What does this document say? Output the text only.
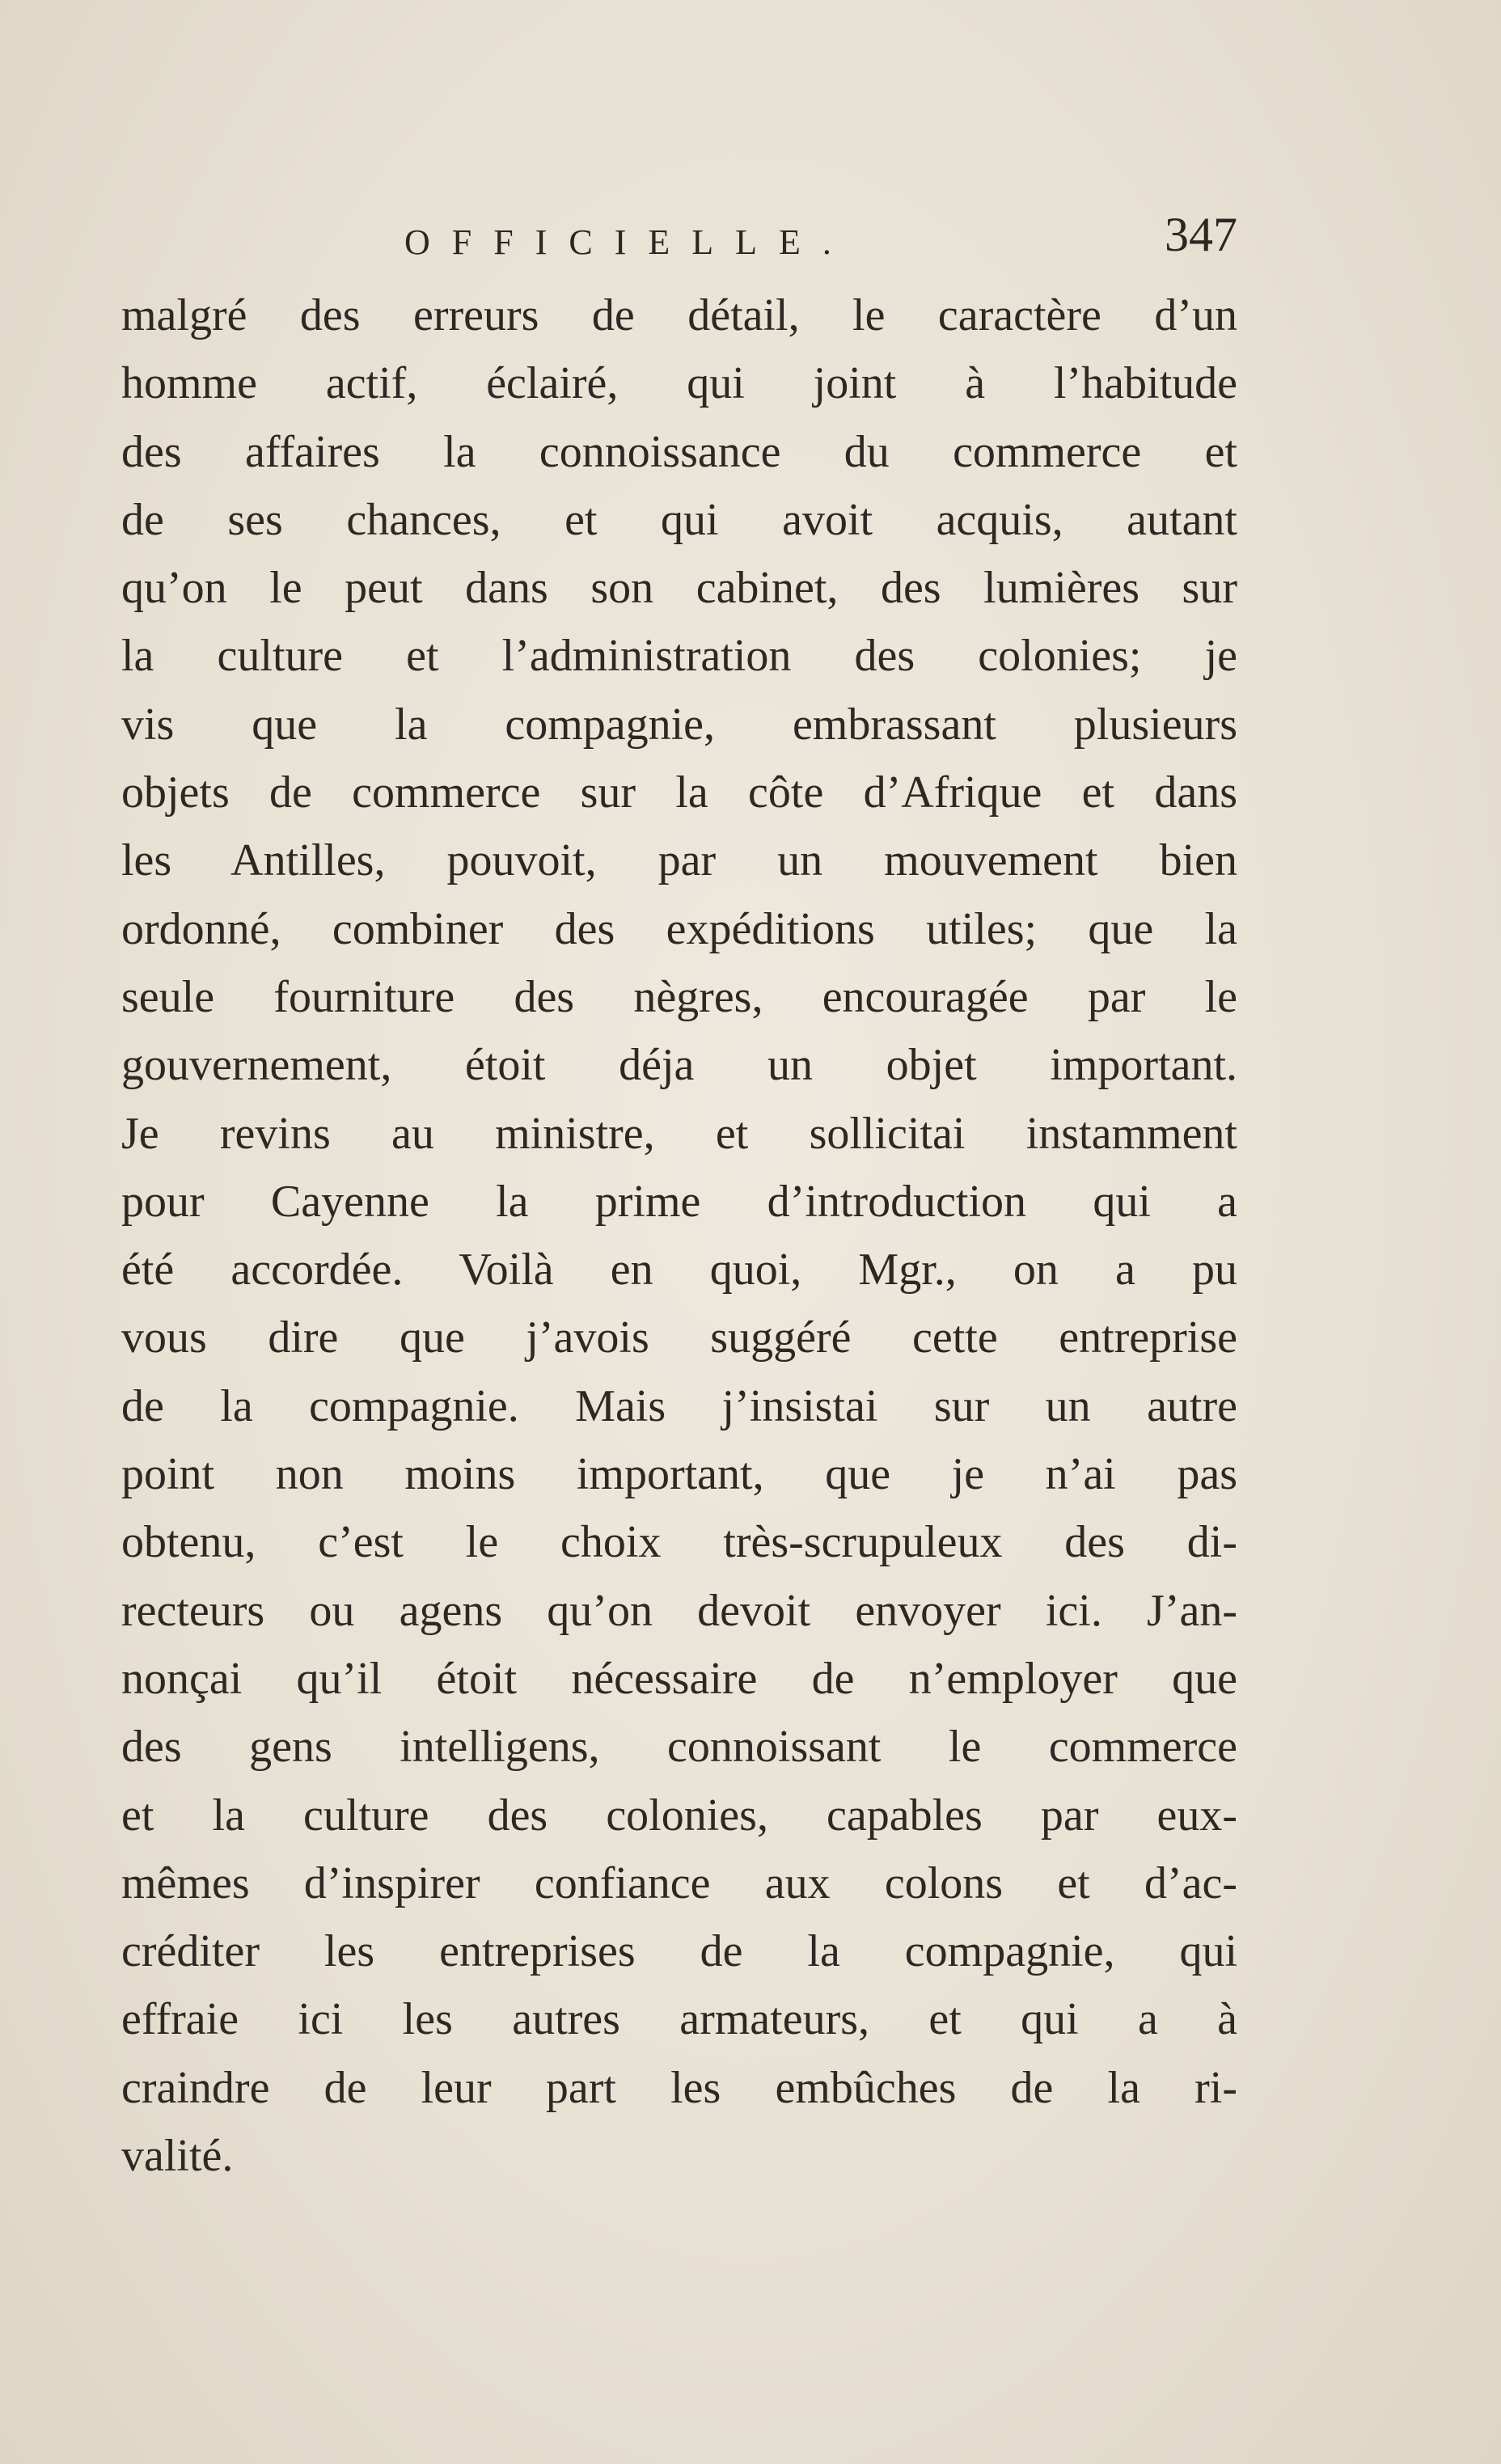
OFFICIELLE.	347
malgré des erreurs de détail, le caractère d’un
homme actif, éclairé, qui joint à l’habitude
des affaires la connoissance du commerce et
de ses chances, et qui avoit acquis, autant
qu’on le peut dans son cabinet, des lumières sur
la culture et l’administration des colonies; je
vis que la compagnie, embrassant plusieurs
objets de commerce sur la côte d’Afrique et dans
les Antilles, pouvoit, par un mouvement bien
ordonné, combiner des expéditions utiles; que la
seule fourniture des nègres, encouragée par le
gouvernement, étoit déja un objet important.
Je revins au ministre, et sollicitai instamment
pour Cayenne la prime d’introduction qui a
été accordée. Voilà en quoi, Mgr., on a pu
vous dire que j’avois suggéré cette entreprise
de la compagnie. Mais j’insistai sur un autre
point non moins important, que je n’ai pas
obtenu, c’est le choix très-scrupuleux des di-
recteurs ou agens qu’on devoit envoyer ici. J’an-
nonçai qu’il étoit nécessaire de n’employer que
des gens intelligens, connoissant le commerce
et la culture des colonies, capables par eux-
mêmes d’inspirer confiance aux colons et d’ac-
créditer les entreprises de la compagnie, qui
effraie ici les autres armateurs, et qui a à
craindre de leur part les embûches de la ri-
valité.
